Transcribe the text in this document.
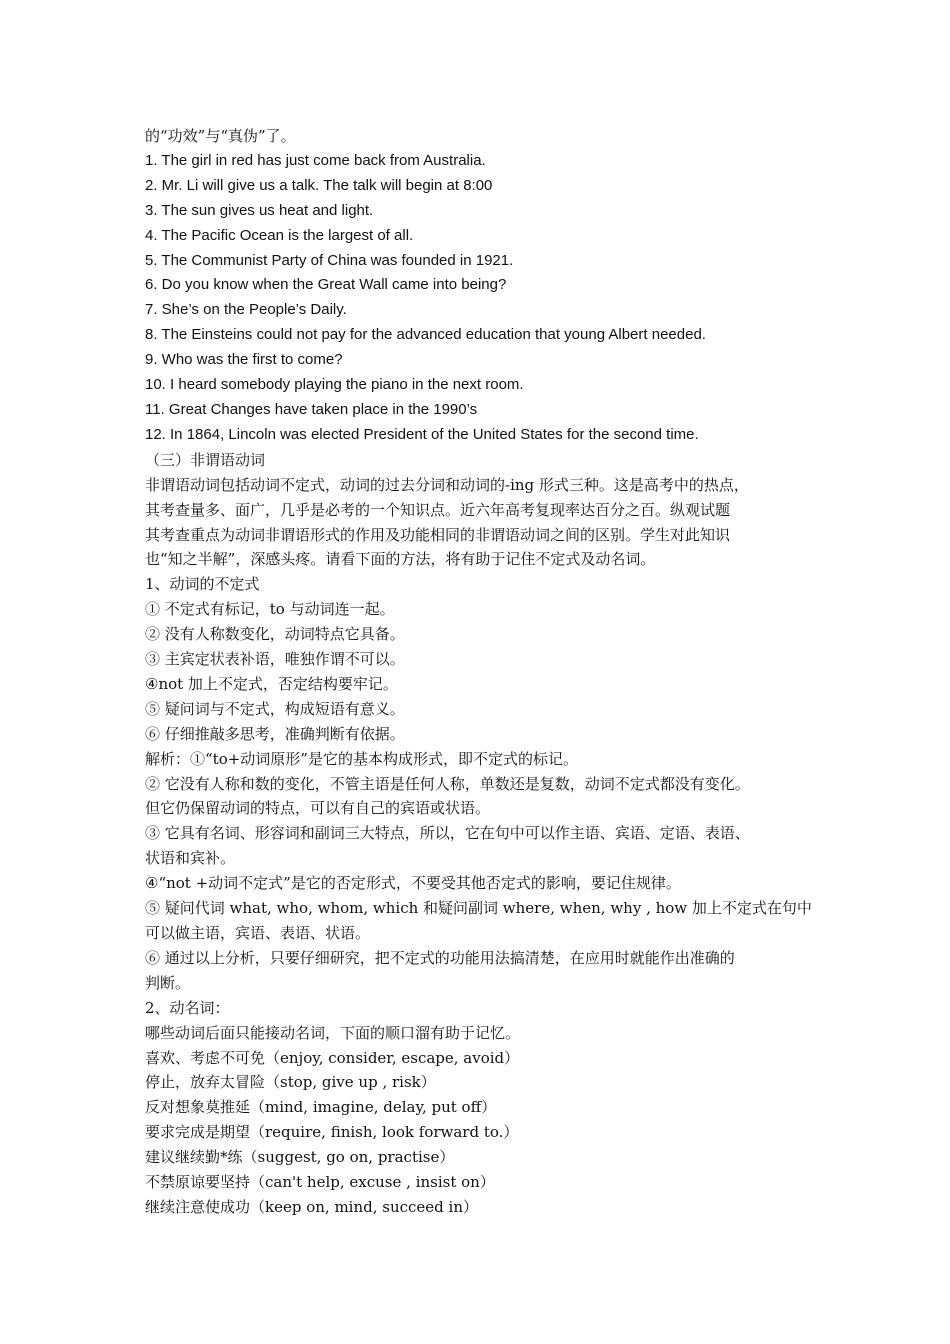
的“功效”与“真伪”了。
1. The girl in red has just come back from Australia.
2. Mr. Li will give us a talk. The talk will begin at 8:00
3. The sun gives us heat and light.
4. The Pacific Ocean is the largest of all.
5. The Communist Party of China was founded in 1921.
6. Do you know when the Great Wall came into being?
7. She’s on the People’s Daily.
8. The Einsteins could not pay for the advanced education that young Albert needed.
9. Who was the first to come?
10. I heard somebody playing the piano in the next room.
11. Great Changes have taken place in the 1990’s
12. In 1864, Lincoln was elected President of the United States for the second time.
（三）非谓语动词
非谓语动词包括动词不定式，动词的过去分词和动词的-ing 形式三种。这是高考中的热点，
其考查量多、面广，几乎是必考的一个知识点。近六年高考复现率达百分之百。纵观试题
其考查重点为动词非谓语形式的作用及功能相同的非谓语动词之间的区别。学生对此知识
也“知之半解”，深感头疼。请看下面的方法，将有助于记住不定式及动名词。
1、动词的不定式
① 不定式有标记，to 与动词连一起。
② 没有人称数变化，动词特点它具备。
③ 主宾定状表补语，唯独作谓不可以。
④not 加上不定式，否定结构要牢记。
⑤ 疑问词与不定式，构成短语有意义。
⑥ 仔细推敲多思考，准确判断有依据。
解析：①“to+动词原形”是它的基本构成形式，即不定式的标记。
② 它没有人称和数的变化，不管主语是任何人称，单数还是复数，动词不定式都没有变化。
但它仍保留动词的特点，可以有自己的宾语或状语。
③ 它具有名词、形容词和副词三大特点，所以，它在句中可以作主语、宾语、定语、表语、
状语和宾补。
④“not +动词不定式”是它的否定形式，不要受其他否定式的影响，要记住规律。
⑤ 疑问代词 what, who, whom, which 和疑问副词 where, when, why , how 加上不定式在句中
可以做主语，宾语、表语、状语。
⑥ 通过以上分析，只要仔细研究，把不定式的功能用法搞清楚，在应用时就能作出准确的
判断。
2、动名词：
哪些动词后面只能接动名词，下面的顺口溜有助于记忆。
喜欢、考虑不可免（enjoy, consider, escape, avoid）
停止，放弃太冒险（stop, give up , risk）
反对想象莫推延（mind, imagine, delay, put off）
要求完成是期望（require, finish, look forward to.）
建议继续勤*练（suggest, go on, practise）
不禁原谅要坚持（can't help, excuse , insist on）
继续注意使成功（keep on, mind, succeed in）
